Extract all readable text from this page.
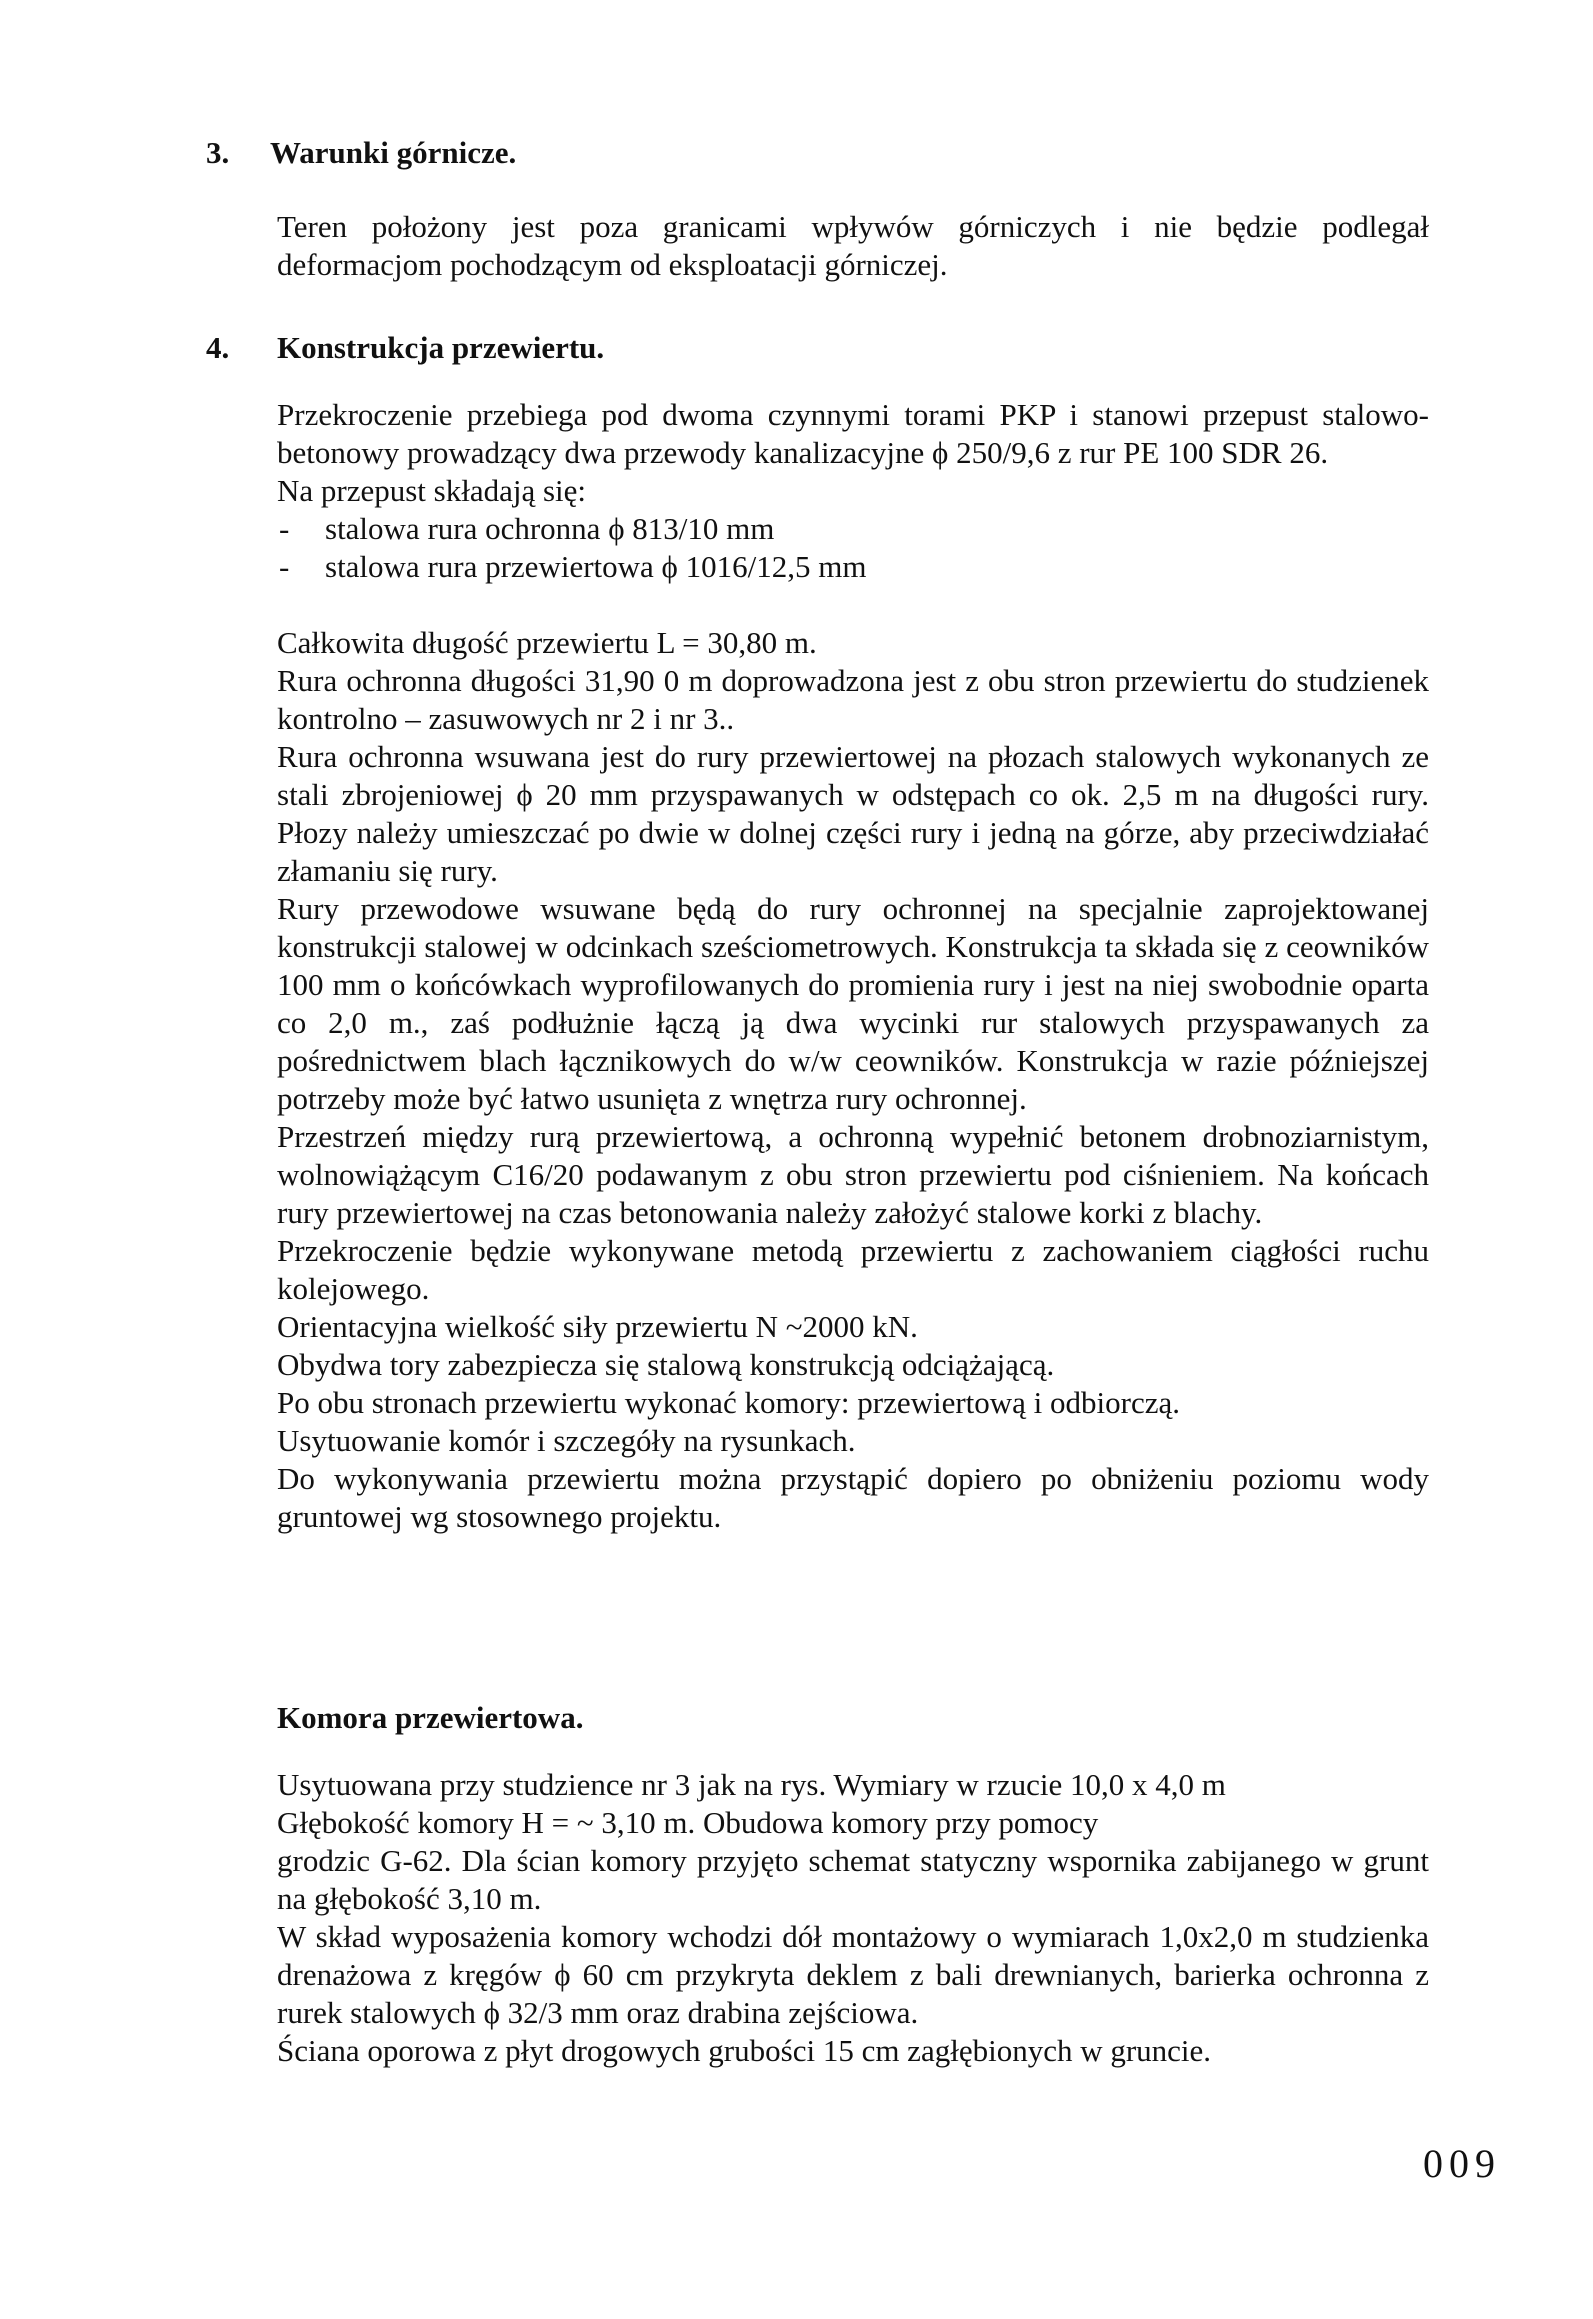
3. Warunki górnicze.

Teren położony jest poza granicami wpływów górniczych i nie będzie podlegał deformacjom pochodzącym od eksploatacji górniczej.

4. Konstrukcja przewiertu.

Przekroczenie przebiega pod dwoma czynnymi torami PKP i stanowi przepust stalowo-betonowy prowadzący dwa przewody kanalizacyjne ϕ 250/9,6 z rur PE 100 SDR 26.

Na przepust składają się:

- stalowa rura ochronna ϕ 813/10 mm
- stalowa rura przewiertowa ϕ 1016/12,5 mm

Całkowita długość przewiertu L = 30,80 m.

Rura ochronna długości 31,90 0 m doprowadzona jest z obu stron przewiertu do studzienek kontrolno – zasuwowych nr 2 i nr 3..

Rura ochronna wsuwana jest do rury przewiertowej na płozach stalowych wykonanych ze stali zbrojeniowej ϕ 20 mm przyspawanych w odstępach co ok. 2,5 m na długości rury. Płozy należy umieszczać po dwie w dolnej części rury i jedną na górze, aby przeciwdziałać złamaniu się rury.

Rury przewodowe wsuwane będą do rury ochronnej na specjalnie zaprojektowanej konstrukcji stalowej w odcinkach sześciometrowych. Konstrukcja ta składa się z ceowników 100 mm o końcówkach wyprofilowanych do promienia rury i jest na niej swobodnie oparta co 2,0 m., zaś podłużnie łączą ją dwa wycinki rur stalowych przyspawanych za pośrednictwem blach łącznikowych do w/w ceowników. Konstrukcja w razie późniejszej potrzeby może być łatwo usunięta z wnętrza rury ochronnej.

Przestrzeń między rurą przewiertową, a ochronną wypełnić betonem drobnoziarnistym, wolnowiążącym C16/20 podawanym z obu stron przewiertu pod ciśnieniem. Na końcach rury przewiertowej na czas betonowania należy założyć stalowe korki z blachy.

Przekroczenie będzie wykonywane metodą przewiertu z zachowaniem ciągłości ruchu kolejowego.

Orientacyjna wielkość siły przewiertu N ~2000 kN.

Obydwa tory zabezpiecza się stalową konstrukcją odciążającą.

Po obu stronach przewiertu wykonać komory: przewiertową i odbiorczą.

Usytuowanie komór i szczegóły na rysunkach.

Do wykonywania przewiertu można przystąpić dopiero po obniżeniu poziomu wody gruntowej wg stosownego projektu.

Komora przewiertowa.

Usytuowana przy studzience nr 3 jak na rys. Wymiary w rzucie 10,0 x 4,0 m

Głębokość komory H = ~ 3,10 m. Obudowa komory przy pomocy

grodzic G-62. Dla ścian komory przyjęto schemat statyczny wspornika zabijanego w grunt na głębokość 3,10 m.

W skład wyposażenia komory wchodzi dół montażowy o wymiarach 1,0x2,0 m studzienka drenażowa z kręgów ϕ 60 cm przykryta deklem z bali drewnianych, barierka ochronna z rurek stalowych ϕ 32/3 mm oraz drabina zejściowa.

Ściana oporowa z płyt drogowych grubości 15 cm zagłębionych w gruncie.

009
